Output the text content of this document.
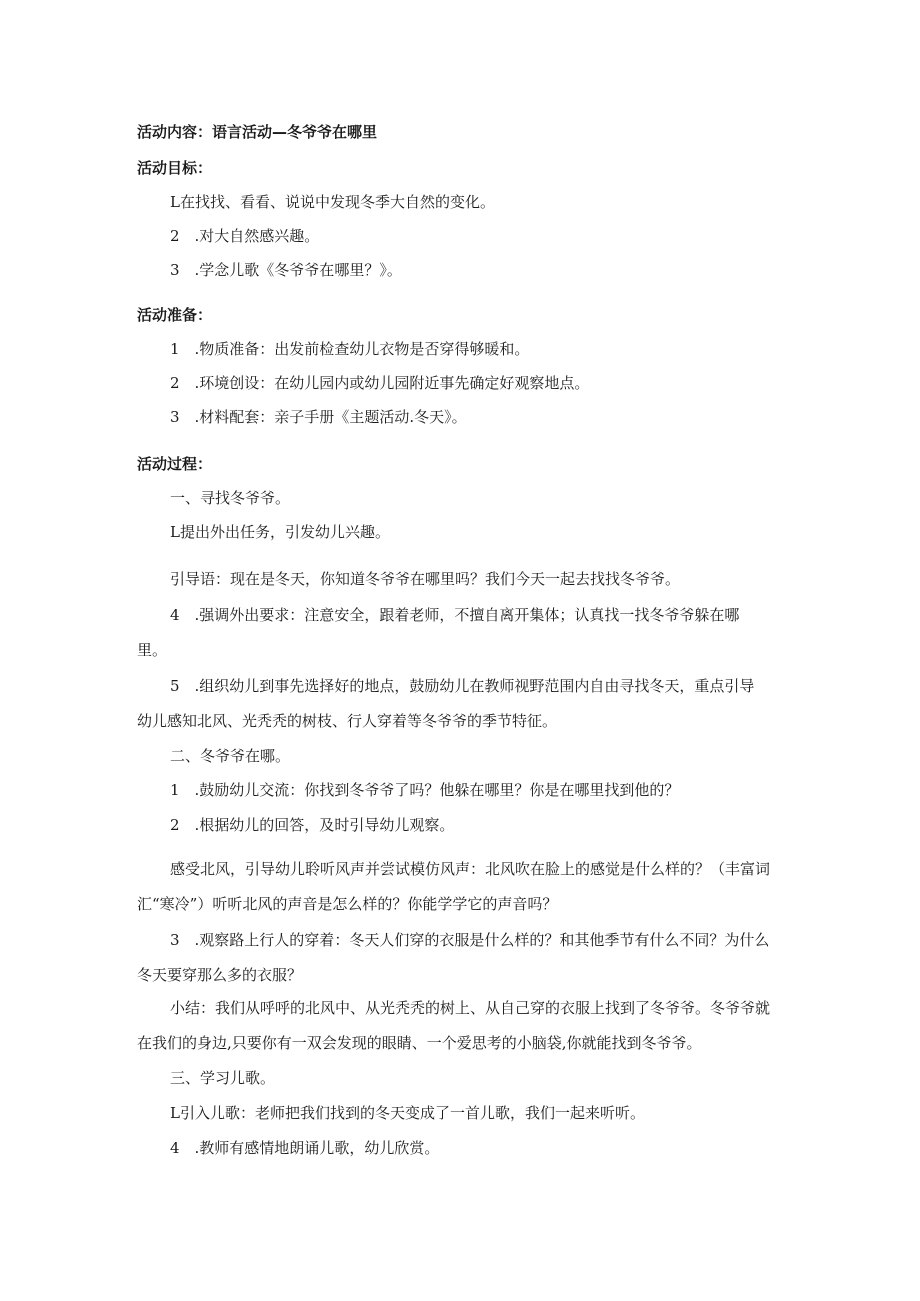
活动内容：语言活动—冬爷爷在哪里
活动目标：
L在找找、看看、说说中发现冬季大自然的变化。
2　.对大自然感兴趣。
3　.学念儿歌《冬爷爷在哪里？》。
活动准备：
1　.物质准备：出发前检查幼儿衣物是否穿得够暖和。
2　.环境创设：在幼儿园内或幼儿园附近事先确定好观察地点。
3　.材料配套：亲子手册《主题活动.冬天》。
活动过程：
一、寻找冬爷爷。
L提出外出任务，引发幼儿兴趣。
引导语：现在是冬天，你知道冬爷爷在哪里吗？我们今天一起去找找冬爷爷。
4　.强调外出要求：注意安全，跟着老师，不擅自离开集体；认真找一找冬爷爷躲在哪
里。
5　.组织幼儿到事先选择好的地点，鼓励幼儿在教师视野范围内自由寻找冬天，重点引导
幼儿感知北风、光秃秃的树枝、行人穿着等冬爷爷的季节特征。
二、冬爷爷在哪。
1　.鼓励幼儿交流：你找到冬爷爷了吗？他躲在哪里？你是在哪里找到他的？
2　.根据幼儿的回答，及时引导幼儿观察。
感受北风，引导幼儿聆听风声并尝试模仿风声：北风吹在脸上的感觉是什么样的？（丰富词
汇“寒冷”）听听北风的声音是怎么样的？你能学学它的声音吗？
3　.观察路上行人的穿着：冬天人们穿的衣服是什么样的？和其他季节有什么不同？为什么
冬天要穿那么多的衣服？
小结：我们从呼呼的北风中、从光秃秃的树上、从自己穿的衣服上找到了冬爷爷。冬爷爷就
在我们的身边,只要你有一双会发现的眼睛、一个爱思考的小脑袋,你就能找到冬爷爷。
三、学习儿歌。
L引入儿歌：老师把我们找到的冬天变成了一首儿歌，我们一起来听听。
4　.教师有感情地朗诵儿歌，幼儿欣赏。
